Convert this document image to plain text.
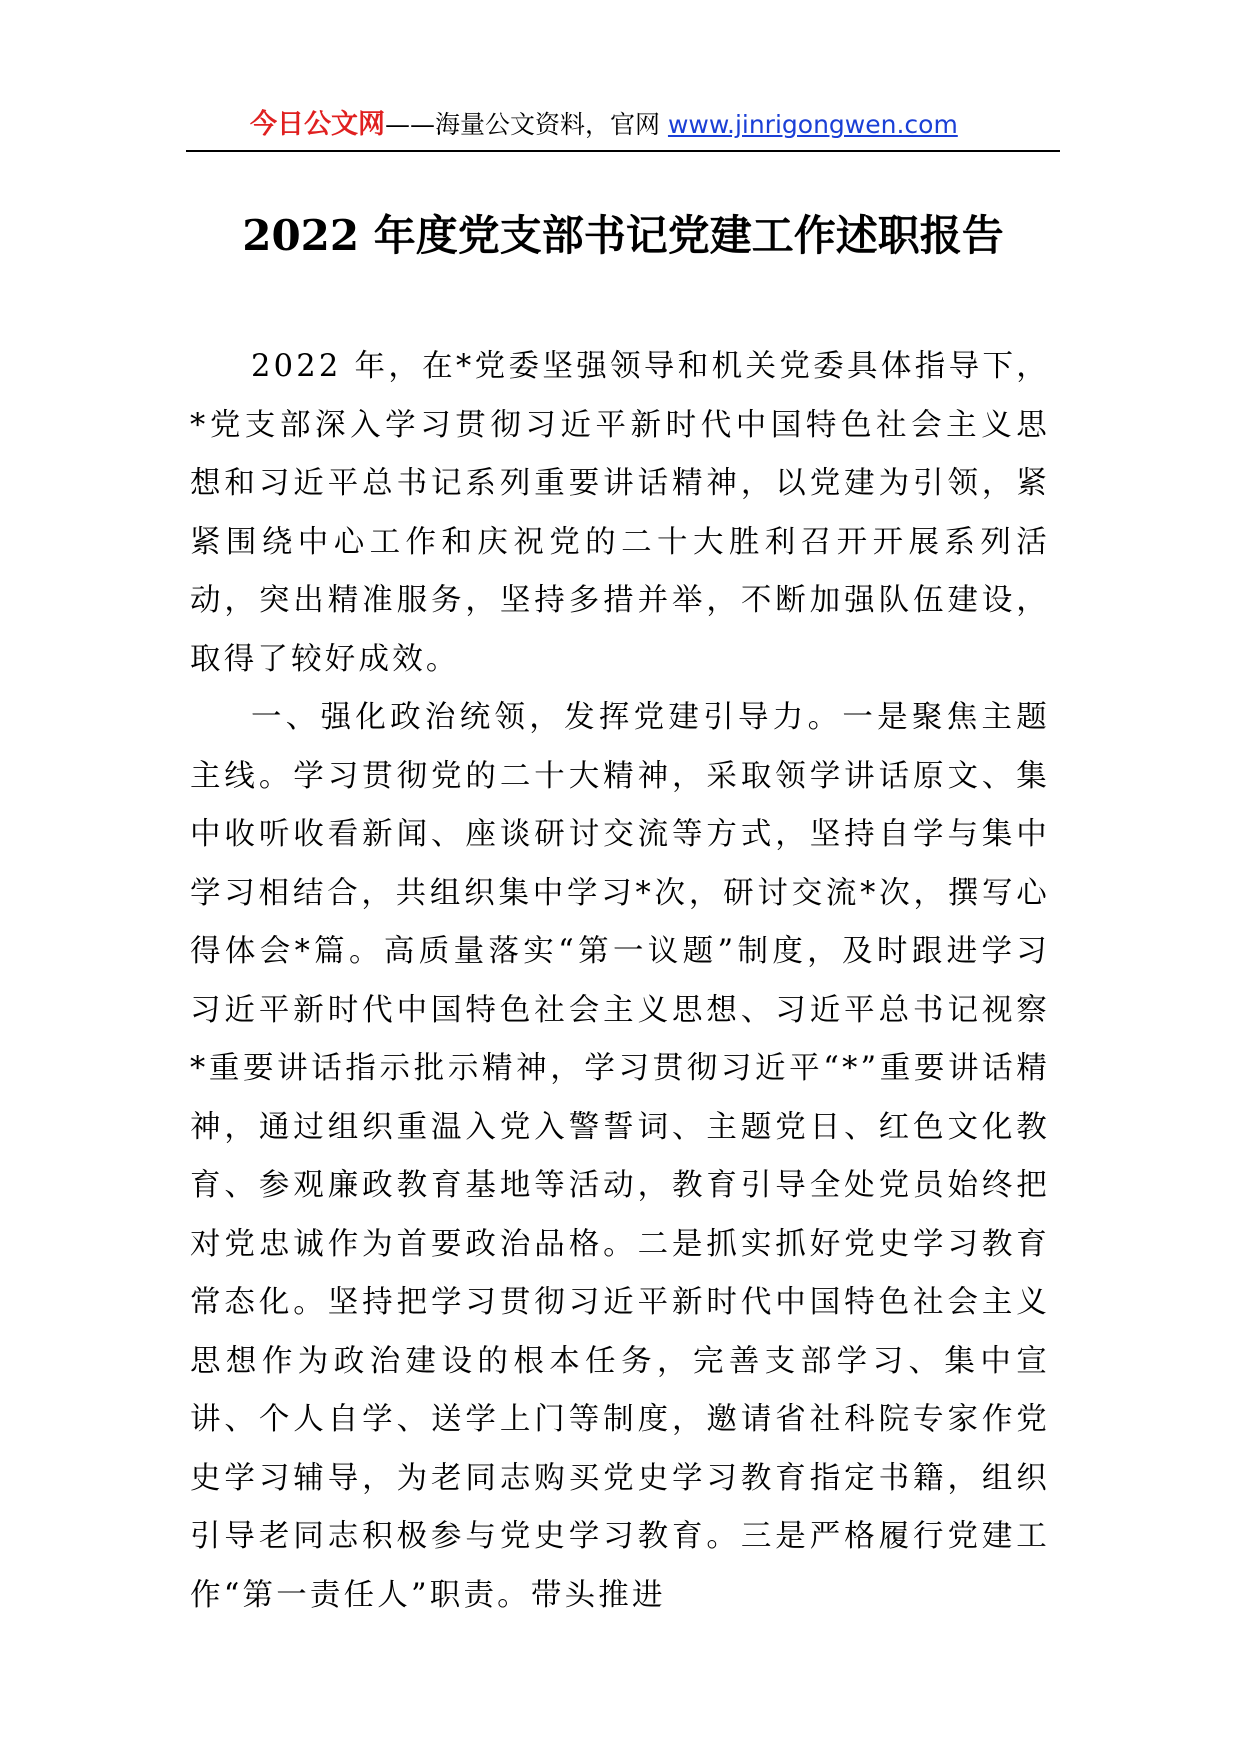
今日公文网——海量公文资料，官网 www.jinrigongwen.com
2022 年度党支部书记党建工作述职报告

2022 年，在*党委坚强领导和机关党委具体指导下，*党支部深入学习贯彻习近平新时代中国特色社会主义思想和习近平总书记系列重要讲话精神，以党建为引领，紧紧围绕中心工作和庆祝党的二十大胜利召开开展系列活动，突出精准服务，坚持多措并举，不断加强队伍建设，取得了较好成效。

一、强化政治统领，发挥党建引导力。一是聚焦主题主线。学习贯彻党的二十大精神，采取领学讲话原文、集中收听收看新闻、座谈研讨交流等方式，坚持自学与集中学习相结合，共组织集中学习*次，研讨交流*次，撰写心得体会*篇。高质量落实“第一议题”制度，及时跟进学习习近平新时代中国特色社会主义思想、习近平总书记视察*重要讲话指示批示精神，学习贯彻习近平“*”重要讲话精神，通过组织重温入党入警誓词、主题党日、红色文化教育、参观廉政教育基地等活动，教育引导全处党员始终把对党忠诚作为首要政治品格。二是抓实抓好党史学习教育常态化。坚持把学习贯彻习近平新时代中国特色社会主义思想作为政治建设的根本任务，完善支部学习、集中宣讲、个人自学、送学上门等制度，邀请省社科院专家作党史学习辅导，为老同志购买党史学习教育指定书籍，组织引导老同志积极参与党史学习教育。三是严格履行党建工作“第一责任人”职责。带头推进
